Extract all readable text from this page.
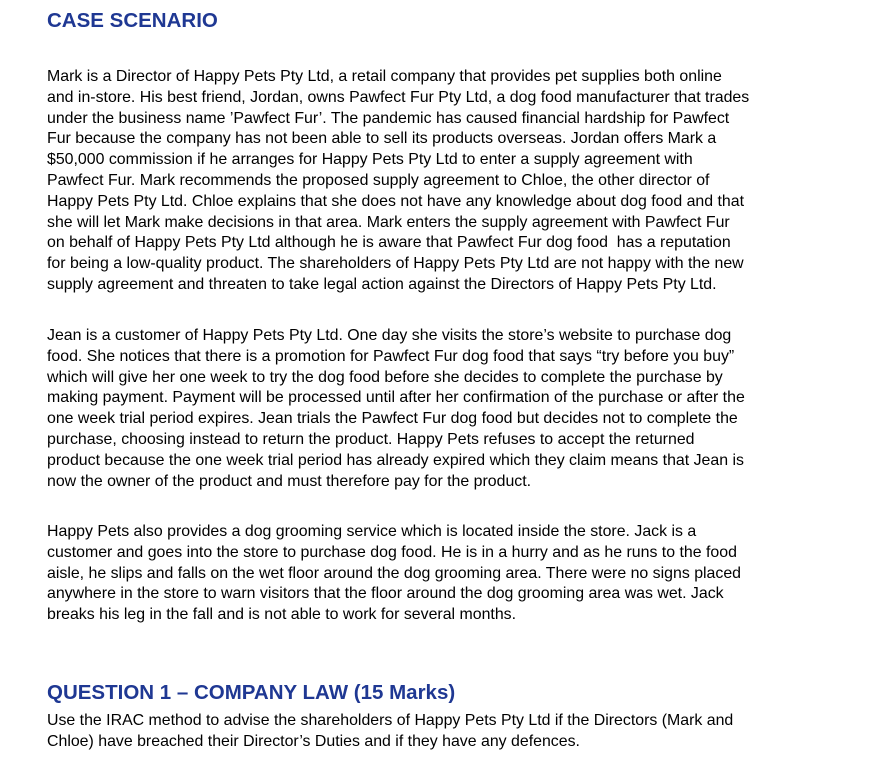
CASE SCENARIO

Mark is a Director of Happy Pets Pty Ltd, a retail company that provides pet supplies both online
and in-store. His best friend, Jordan, owns Pawfect Fur Pty Ltd, a dog food manufacturer that trades
under the business name ’Pawfect Fur’. The pandemic has caused financial hardship for Pawfect
Fur because the company has not been able to sell its products overseas. Jordan offers Mark a
$50,000 commission if he arranges for Happy Pets Pty Ltd to enter a supply agreement with
Pawfect Fur. Mark recommends the proposed supply agreement to Chloe, the other director of
Happy Pets Pty Ltd. Chloe explains that she does not have any knowledge about dog food and that
she will let Mark make decisions in that area. Mark enters the supply agreement with Pawfect Fur
on behalf of Happy Pets Pty Ltd although he is aware that Pawfect Fur dog food  has a reputation
for being a low-quality product. The shareholders of Happy Pets Pty Ltd are not happy with the new
supply agreement and threaten to take legal action against the Directors of Happy Pets Pty Ltd.

Jean is a customer of Happy Pets Pty Ltd. One day she visits the store’s website to purchase dog
food. She notices that there is a promotion for Pawfect Fur dog food that says “try before you buy”
which will give her one week to try the dog food before she decides to complete the purchase by
making payment. Payment will be processed until after her confirmation of the purchase or after the
one week trial period expires. Jean trials the Pawfect Fur dog food but decides not to complete the
purchase, choosing instead to return the product. Happy Pets refuses to accept the returned
product because the one week trial period has already expired which they claim means that Jean is
now the owner of the product and must therefore pay for the product.

Happy Pets also provides a dog grooming service which is located inside the store. Jack is a
customer and goes into the store to purchase dog food. He is in a hurry and as he runs to the food
aisle, he slips and falls on the wet floor around the dog grooming area. There were no signs placed
anywhere in the store to warn visitors that the floor around the dog grooming area was wet. Jack
breaks his leg in the fall and is not able to work for several months.

QUESTION 1 – COMPANY LAW (15 Marks)

Use the IRAC method to advise the shareholders of Happy Pets Pty Ltd if the Directors (Mark and
Chloe) have breached their Director’s Duties and if they have any defences.
